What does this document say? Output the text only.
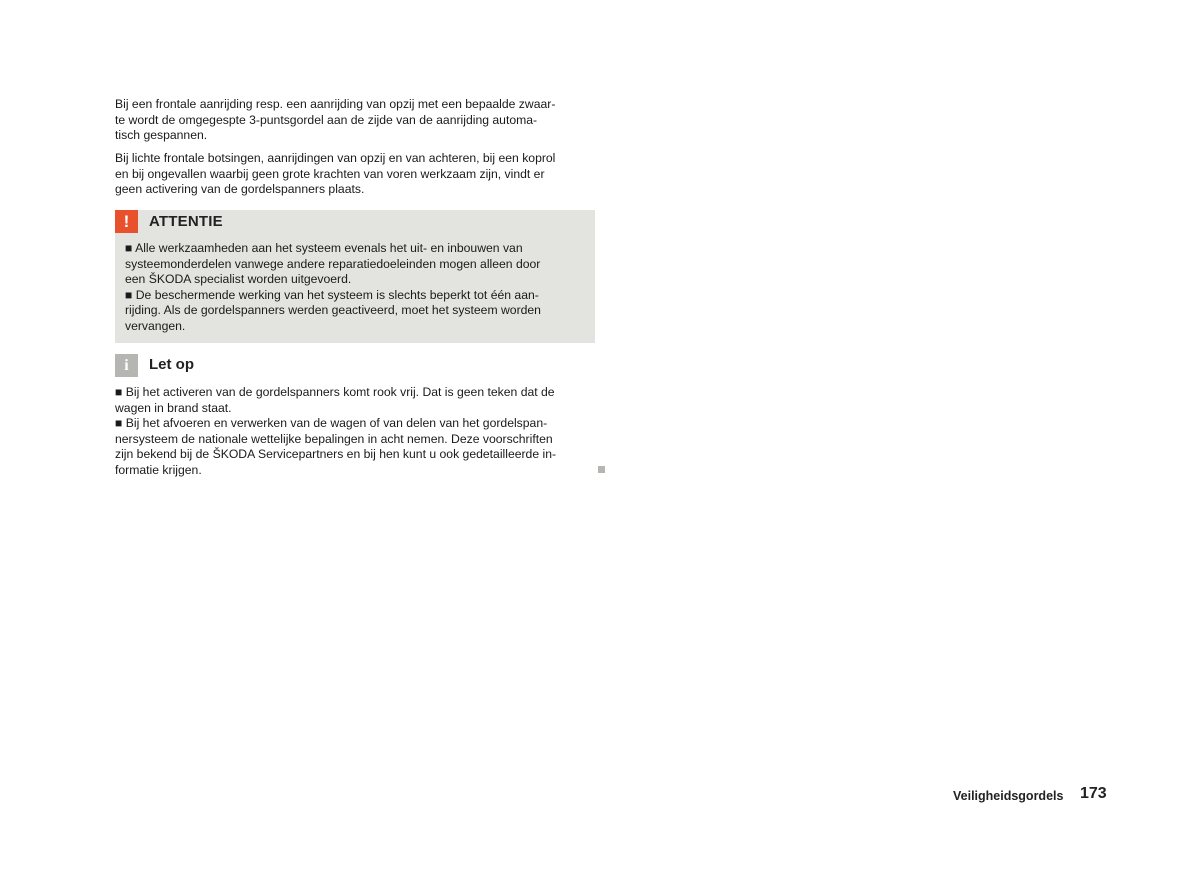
Bij een frontale aanrijding resp. een aanrijding van opzij met een bepaalde zwaar-
te wordt de omgegespte 3-puntsgordel aan de zijde van de aanrijding automa-
tisch gespannen.
Bij lichte frontale botsingen, aanrijdingen van opzij en van achteren, bij een koprol
en bij ongevallen waarbij geen grote krachten van voren werkzaam zijn, vindt er
geen activering van de gordelspanners plaats.
!	ATTENTIE
■ Alle werkzaamheden aan het systeem evenals het uit- en inbouwen van
systeemonderdelen vanwege andere reparatiedoeleinden mogen alleen door
een ŠKODA specialist worden uitgevoerd.
■ De beschermende werking van het systeem is slechts beperkt tot één aan-
rijding. Als de gordelspanners werden geactiveerd, moet het systeem worden
vervangen.
i	Let op
■ Bij het activeren van de gordelspanners komt rook vrij. Dat is geen teken dat de
wagen in brand staat.
■ Bij het afvoeren en verwerken van de wagen of van delen van het gordelspan-
nersysteem de nationale wettelijke bepalingen in acht nemen. Deze voorschriften
zijn bekend bij de ŠKODA Servicepartners en bij hen kunt u ook gedetailleerde in-
formatie krijgen.
Veiligheidsgordels 173
